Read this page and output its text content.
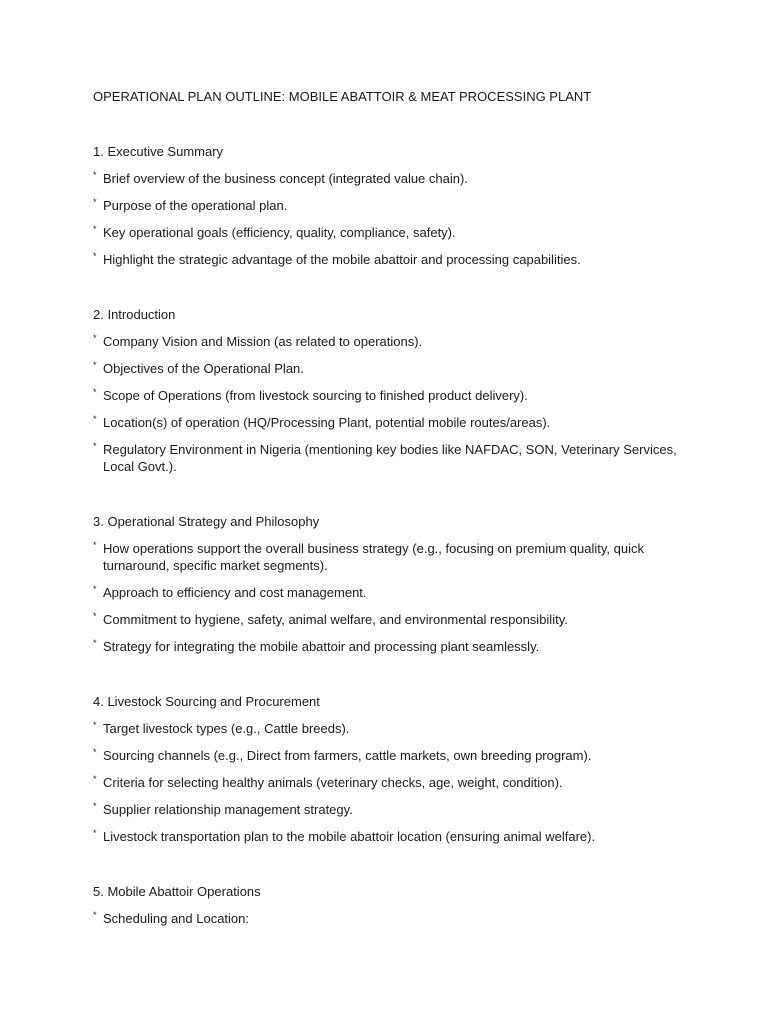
OPERATIONAL PLAN OUTLINE: MOBILE ABATTOIR & MEAT PROCESSING PLANT

1. Executive Summary

* Brief overview of the business concept (integrated value chain).

* Purpose of the operational plan.

* Key operational goals (efficiency, quality, compliance, safety).

* Highlight the strategic advantage of the mobile abattoir and processing capabilities.

2. Introduction

* Company Vision and Mission (as related to operations).

* Objectives of the Operational Plan.

* Scope of Operations (from livestock sourcing to finished product delivery).

* Location(s) of operation (HQ/Processing Plant, potential mobile routes/areas).

* Regulatory Environment in Nigeria (mentioning key bodies like NAFDAC, SON, Veterinary Services, Local Govt.).

3. Operational Strategy and Philosophy

* How operations support the overall business strategy (e.g., focusing on premium quality, quick turnaround, specific market segments).

* Approach to efficiency and cost management.

* Commitment to hygiene, safety, animal welfare, and environmental responsibility.

* Strategy for integrating the mobile abattoir and processing plant seamlessly.

4. Livestock Sourcing and Procurement

* Target livestock types (e.g., Cattle breeds).

* Sourcing channels (e.g., Direct from farmers, cattle markets, own breeding program).

* Criteria for selecting healthy animals (veterinary checks, age, weight, condition).

* Supplier relationship management strategy.

* Livestock transportation plan to the mobile abattoir location (ensuring animal welfare).

5. Mobile Abattoir Operations

* Scheduling and Location:
